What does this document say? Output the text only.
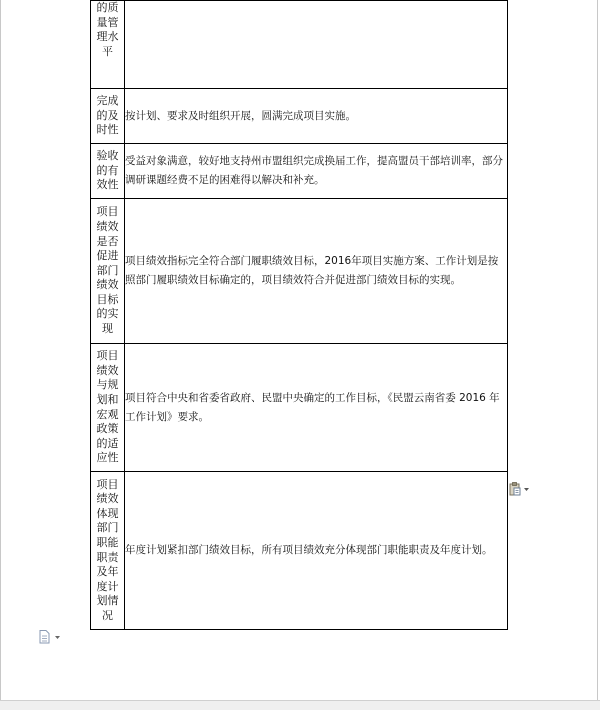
的质量管理水平	

完成的及时性	按计划、要求及时组织开展，圆满完成项目实施。

验收的有效性	受益对象满意，较好地支持州市盟组织完成换届工作，提高盟员干部培训率，部分调研课题经费不足的困难得以解决和补充。

项目绩效是否促进部门绩效目标的实现	项目绩效指标完全符合部门履职绩效目标，2016年项目实施方案、工作计划是按照部门履职绩效目标确定的，项目绩效符合并促进部门绩效目标的实现。

项目绩效与规划和宏观政策的适应性	项目符合中央和省委省政府、民盟中央确定的工作目标，《民盟云南省委 2016 年工作计划》要求。

项目绩效体现部门职能职责及年度计划情况	年度计划紧扣部门绩效目标，所有项目绩效充分体现部门职能职责及年度计划。
